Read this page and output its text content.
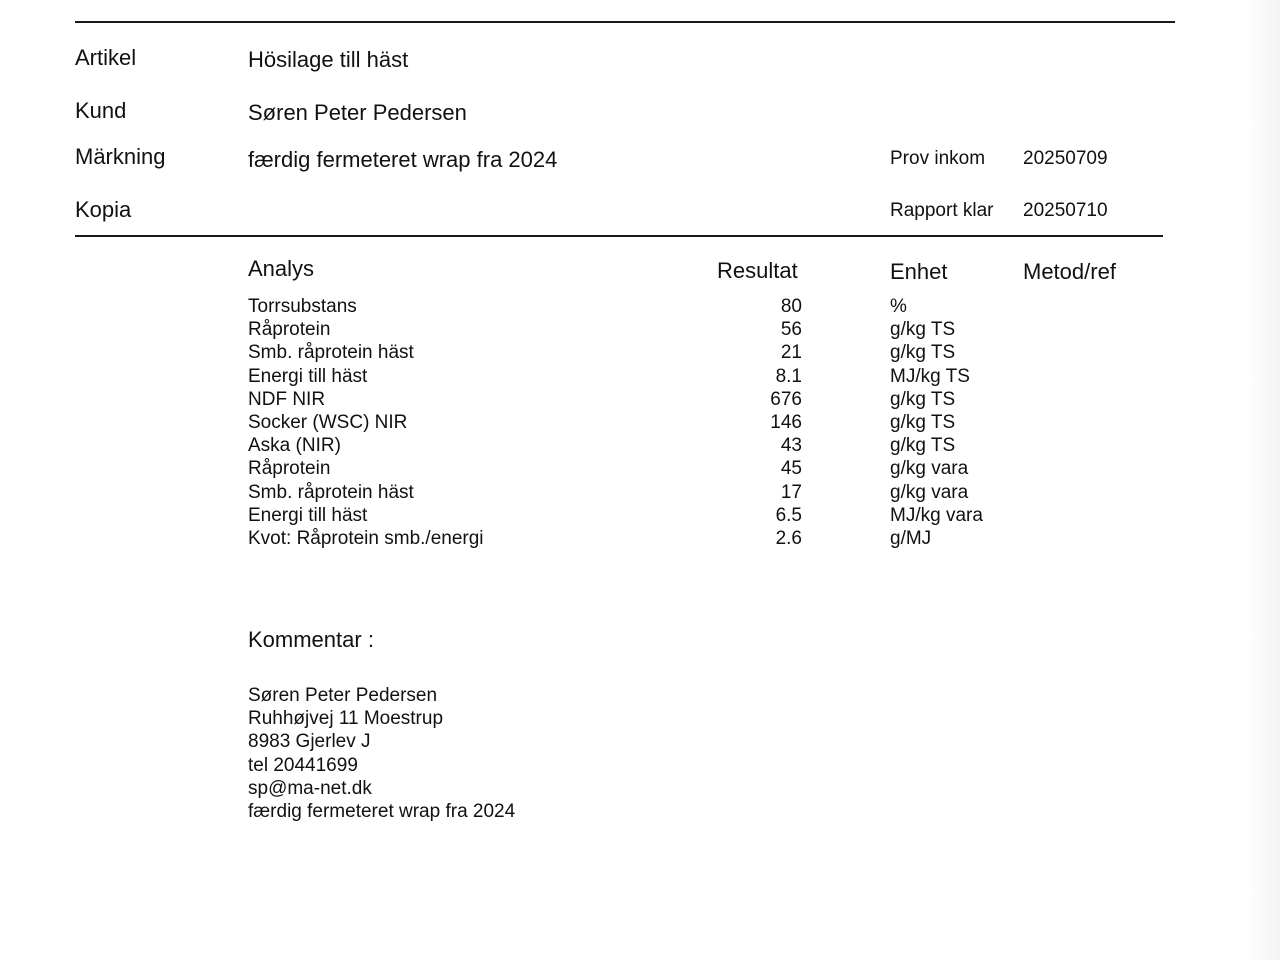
Artikel	Hösilage till häst
Kund	Søren Peter Pedersen
Märkning	færdig fermeteret wrap fra 2024	Prov inkom 20250709
Kopia	Rapport klar 20250710
Analys	Resultat	Enhet	Metod/ref
Torrsubstans	80	%
Råprotein	56	g/kg TS
Smb. råprotein häst	21	g/kg TS
Energi till häst	8.1	MJ/kg TS
NDF NIR	676	g/kg TS
Socker (WSC) NIR	146	g/kg TS
Aska (NIR)	43	g/kg TS
Råprotein	45	g/kg vara
Smb. råprotein häst	17	g/kg vara
Energi till häst	6.5	MJ/kg vara
Kvot: Råprotein smb./energi	2.6	g/MJ
Kommentar :
Søren Peter Pedersen
Ruhhøjvej 11 Moestrup
8983 Gjerlev J
tel 20441699
sp@ma-net.dk
færdig fermeteret wrap fra 2024
